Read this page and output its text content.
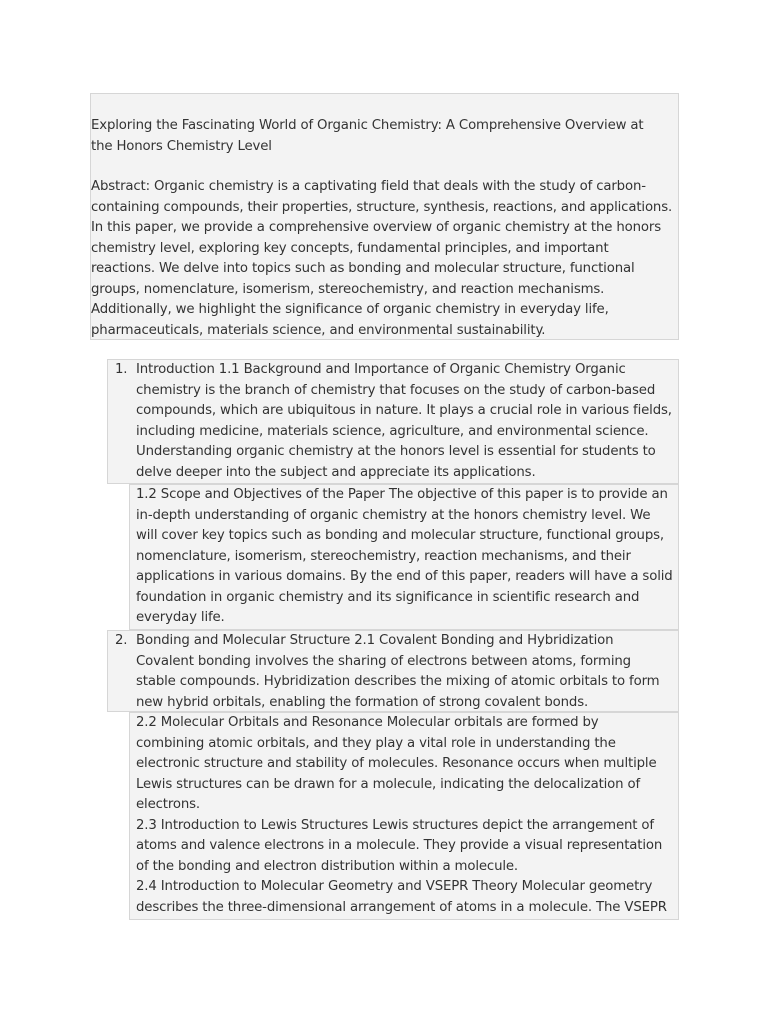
Exploring the Fascinating World of Organic Chemistry: A Comprehensive Overview at

the Honors Chemistry Level

Abstract: Organic chemistry is a captivating field that deals with the study of carbon-

containing compounds, their properties, structure, synthesis, reactions, and applications.

In this paper, we provide a comprehensive overview of organic chemistry at the honors

chemistry level, exploring key concepts, fundamental principles, and important

reactions. We delve into topics such as bonding and molecular structure, functional

groups, nomenclature, isomerism, stereochemistry, and reaction mechanisms.

Additionally, we highlight the significance of organic chemistry in everyday life,

pharmaceuticals, materials science, and environmental sustainability.

1. Introduction 1.1 Background and Importance of Organic Chemistry Organic

chemistry is the branch of chemistry that focuses on the study of carbon-based

compounds, which are ubiquitous in nature. It plays a crucial role in various fields,

including medicine, materials science, agriculture, and environmental science.

Understanding organic chemistry at the honors level is essential for students to

delve deeper into the subject and appreciate its applications.

1.2 Scope and Objectives of the Paper The objective of this paper is to provide an

in-depth understanding of organic chemistry at the honors chemistry level. We

will cover key topics such as bonding and molecular structure, functional groups,

nomenclature, isomerism, stereochemistry, reaction mechanisms, and their

applications in various domains. By the end of this paper, readers will have a solid

foundation in organic chemistry and its significance in scientific research and

everyday life.

2. Bonding and Molecular Structure 2.1 Covalent Bonding and Hybridization

Covalent bonding involves the sharing of electrons between atoms, forming

stable compounds. Hybridization describes the mixing of atomic orbitals to form

new hybrid orbitals, enabling the formation of strong covalent bonds.

2.2 Molecular Orbitals and Resonance Molecular orbitals are formed by

combining atomic orbitals, and they play a vital role in understanding the

electronic structure and stability of molecules. Resonance occurs when multiple

Lewis structures can be drawn for a molecule, indicating the delocalization of

electrons.

2.3 Introduction to Lewis Structures Lewis structures depict the arrangement of

atoms and valence electrons in a molecule. They provide a visual representation

of the bonding and electron distribution within a molecule.

2.4 Introduction to Molecular Geometry and VSEPR Theory Molecular geometry

describes the three-dimensional arrangement of atoms in a molecule. The VSEPR
